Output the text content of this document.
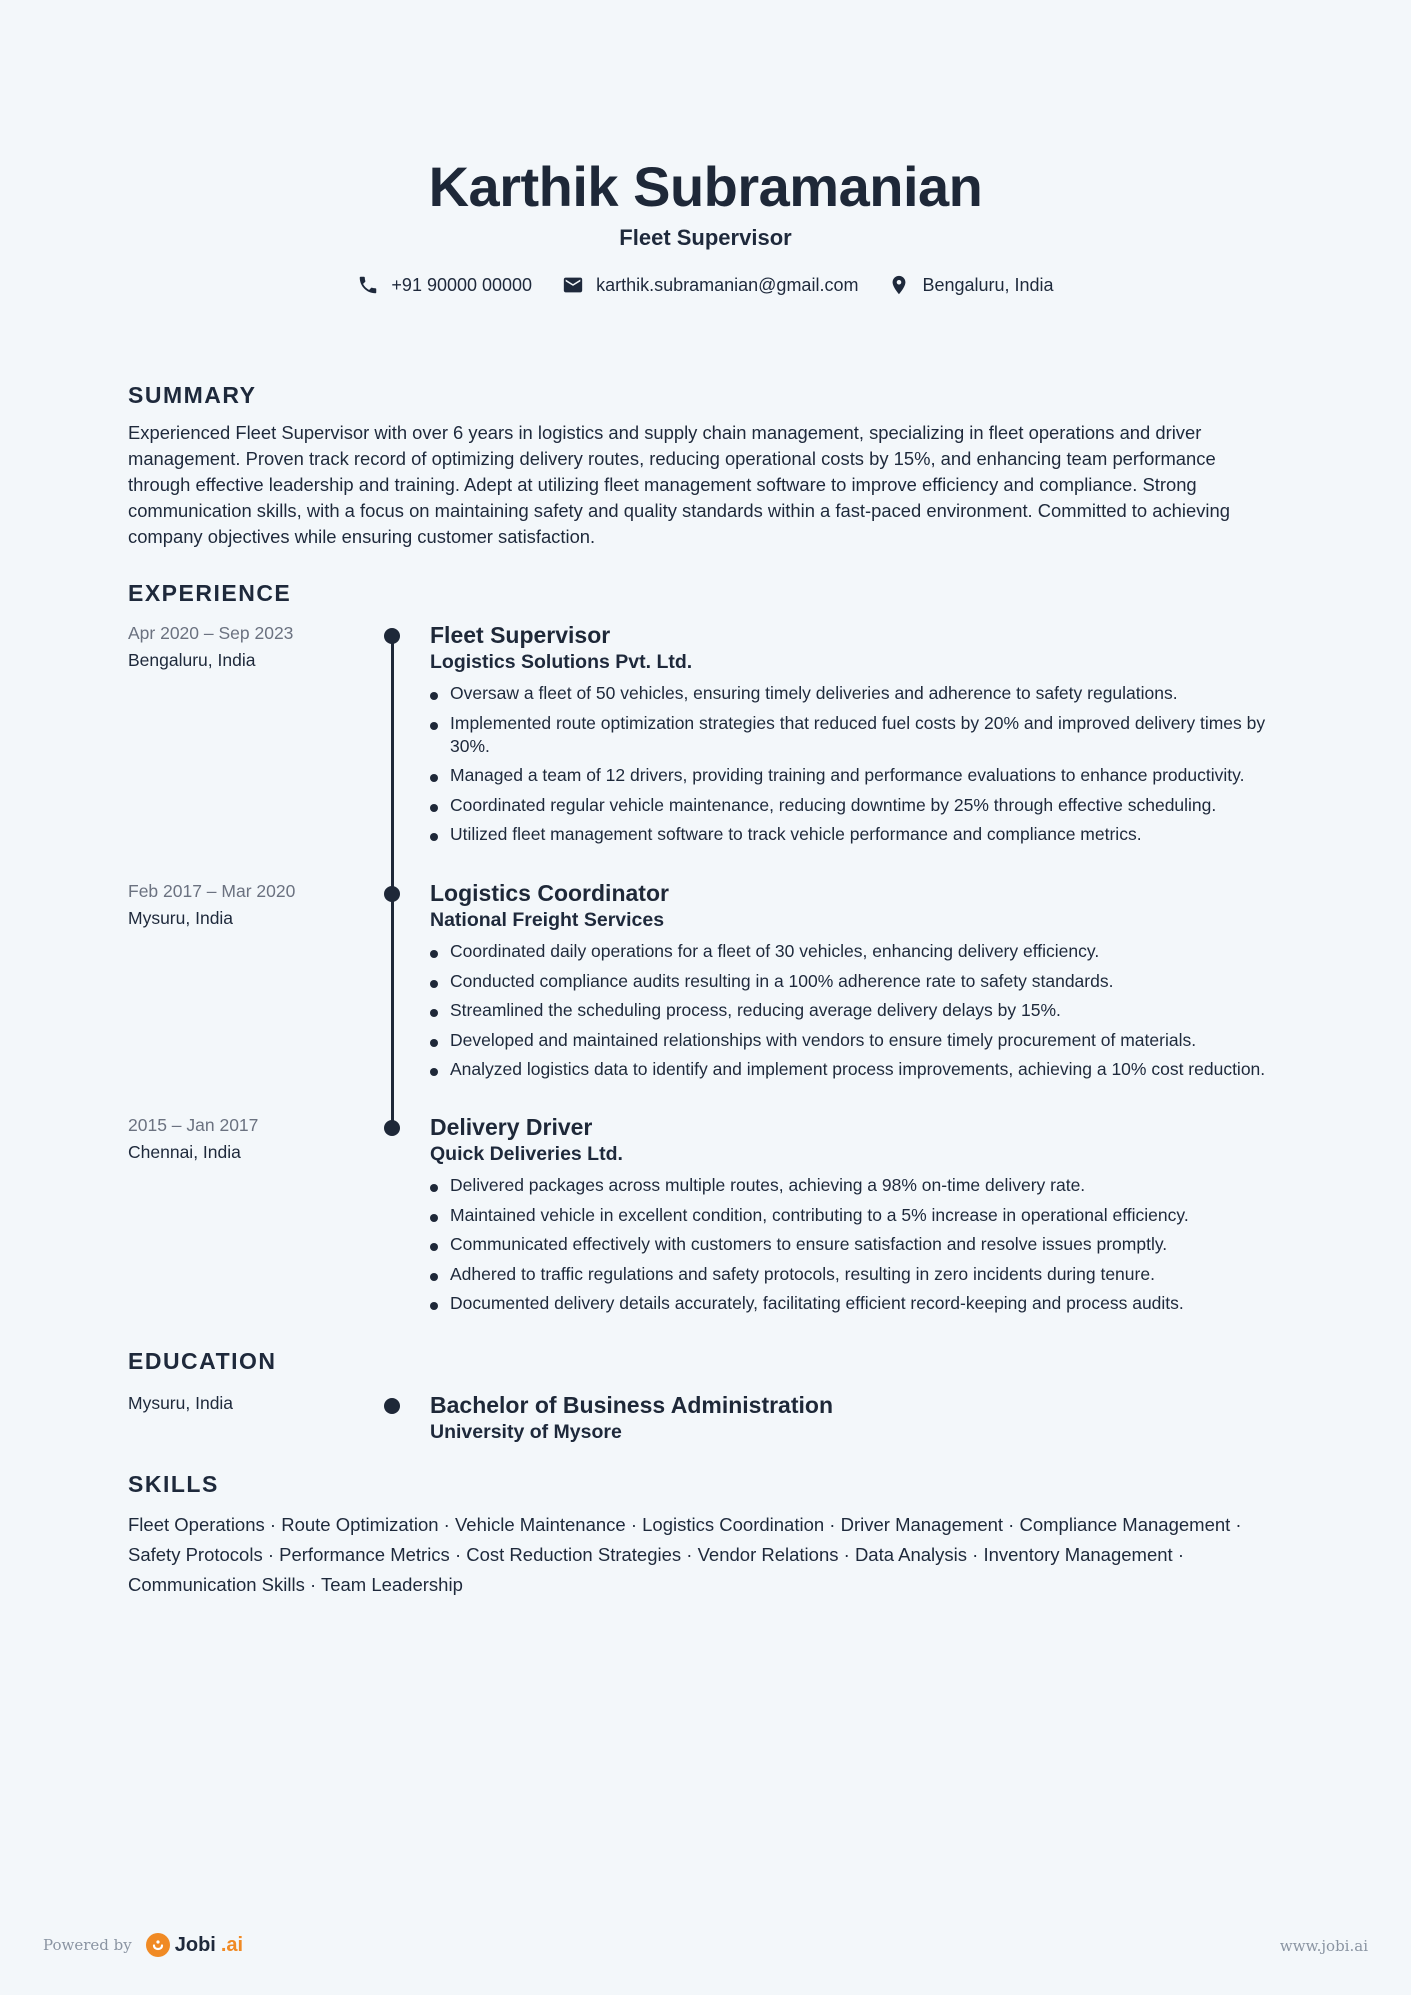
Karthik Subramanian
Fleet Supervisor
+91 90000 00000	karthik.subramanian@gmail.com	Bengaluru, India
SUMMARY
Experienced Fleet Supervisor with over 6 years in logistics and supply chain management, specializing in fleet operations and driver management. Proven track record of optimizing delivery routes, reducing operational costs by 15%, and enhancing team performance through effective leadership and training. Adept at utilizing fleet management software to improve efficiency and compliance. Strong communication skills, with a focus on maintaining safety and quality standards within a fast-paced environment. Committed to achieving company objectives while ensuring customer satisfaction.
EXPERIENCE
Apr 2020 – Sep 2023
Bengaluru, India
Fleet Supervisor
Logistics Solutions Pvt. Ltd.
Oversaw a fleet of 50 vehicles, ensuring timely deliveries and adherence to safety regulations.
Implemented route optimization strategies that reduced fuel costs by 20% and improved delivery times by 30%.
Managed a team of 12 drivers, providing training and performance evaluations to enhance productivity.
Coordinated regular vehicle maintenance, reducing downtime by 25% through effective scheduling.
Utilized fleet management software to track vehicle performance and compliance metrics.
Feb 2017 – Mar 2020
Mysuru, India
Logistics Coordinator
National Freight Services
Coordinated daily operations for a fleet of 30 vehicles, enhancing delivery efficiency.
Conducted compliance audits resulting in a 100% adherence rate to safety standards.
Streamlined the scheduling process, reducing average delivery delays by 15%.
Developed and maintained relationships with vendors to ensure timely procurement of materials.
Analyzed logistics data to identify and implement process improvements, achieving a 10% cost reduction.
2015 – Jan 2017
Chennai, India
Delivery Driver
Quick Deliveries Ltd.
Delivered packages across multiple routes, achieving a 98% on-time delivery rate.
Maintained vehicle in excellent condition, contributing to a 5% increase in operational efficiency.
Communicated effectively with customers to ensure satisfaction and resolve issues promptly.
Adhered to traffic regulations and safety protocols, resulting in zero incidents during tenure.
Documented delivery details accurately, facilitating efficient record-keeping and process audits.
EDUCATION
Mysuru, India	Bachelor of Business Administration
University of Mysore
SKILLS
Fleet Operations · Route Optimization · Vehicle Maintenance · Logistics Coordination · Driver Management · Compliance Management · Safety Protocols · Performance Metrics · Cost Reduction Strategies · Vendor Relations · Data Analysis · Inventory Management · Communication Skills · Team Leadership
Powered by Jobi .ai	www.jobi.ai
